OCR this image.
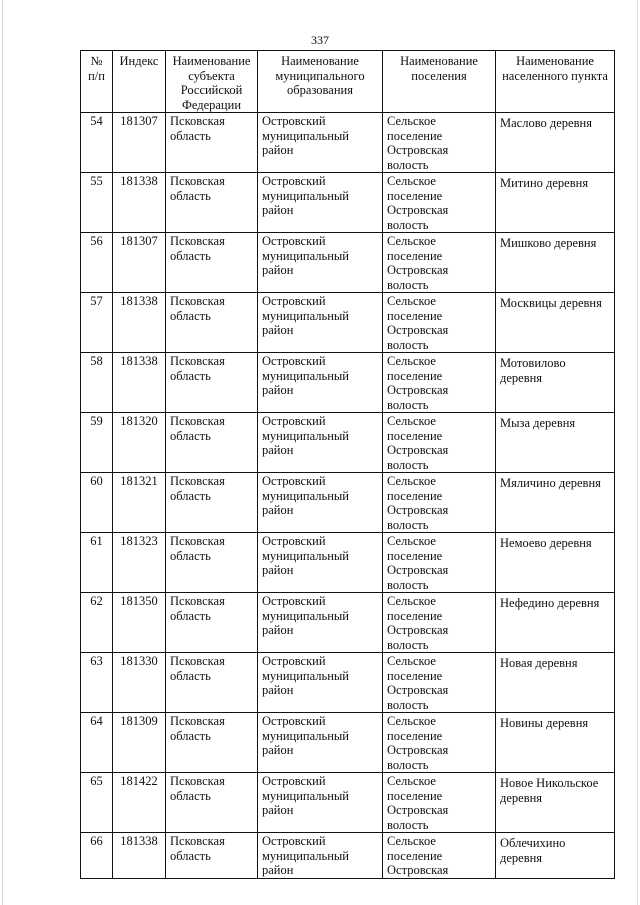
337
№ п/п	Индекс	Наименование субъекта Российской Федерации	Наименование муниципального образования	Наименование поселения	Наименование населенного пункта
54	181307	Псковская область	Островский муниципальный район	Сельское поселение Островская волость	Маслово деревня
55	181338	Псковская область	Островский муниципальный район	Сельское поселение Островская волость	Митино деревня
56	181307	Псковская область	Островский муниципальный район	Сельское поселение Островская волость	Мишково деревня
57	181338	Псковская область	Островский муниципальный район	Сельское поселение Островская волость	Москвицы деревня
58	181338	Псковская область	Островский муниципальный район	Сельское поселение Островская волость	Мотовилово деревня
59	181320	Псковская область	Островский муниципальный район	Сельское поселение Островская волость	Мыза деревня
60	181321	Псковская область	Островский муниципальный район	Сельское поселение Островская волость	Мяличино деревня
61	181323	Псковская область	Островский муниципальный район	Сельское поселение Островская волость	Немоево деревня
62	181350	Псковская область	Островский муниципальный район	Сельское поселение Островская волость	Нефедино деревня
63	181330	Псковская область	Островский муниципальный район	Сельское поселение Островская волость	Новая деревня
64	181309	Псковская область	Островский муниципальный район	Сельское поселение Островская волость	Новины деревня
65	181422	Псковская область	Островский муниципальный район	Сельское поселение Островская волость	Новое Никольское деревня
66	181338	Псковская область	Островский муниципальный район	Сельское поселение Островская	Облечихино деревня
